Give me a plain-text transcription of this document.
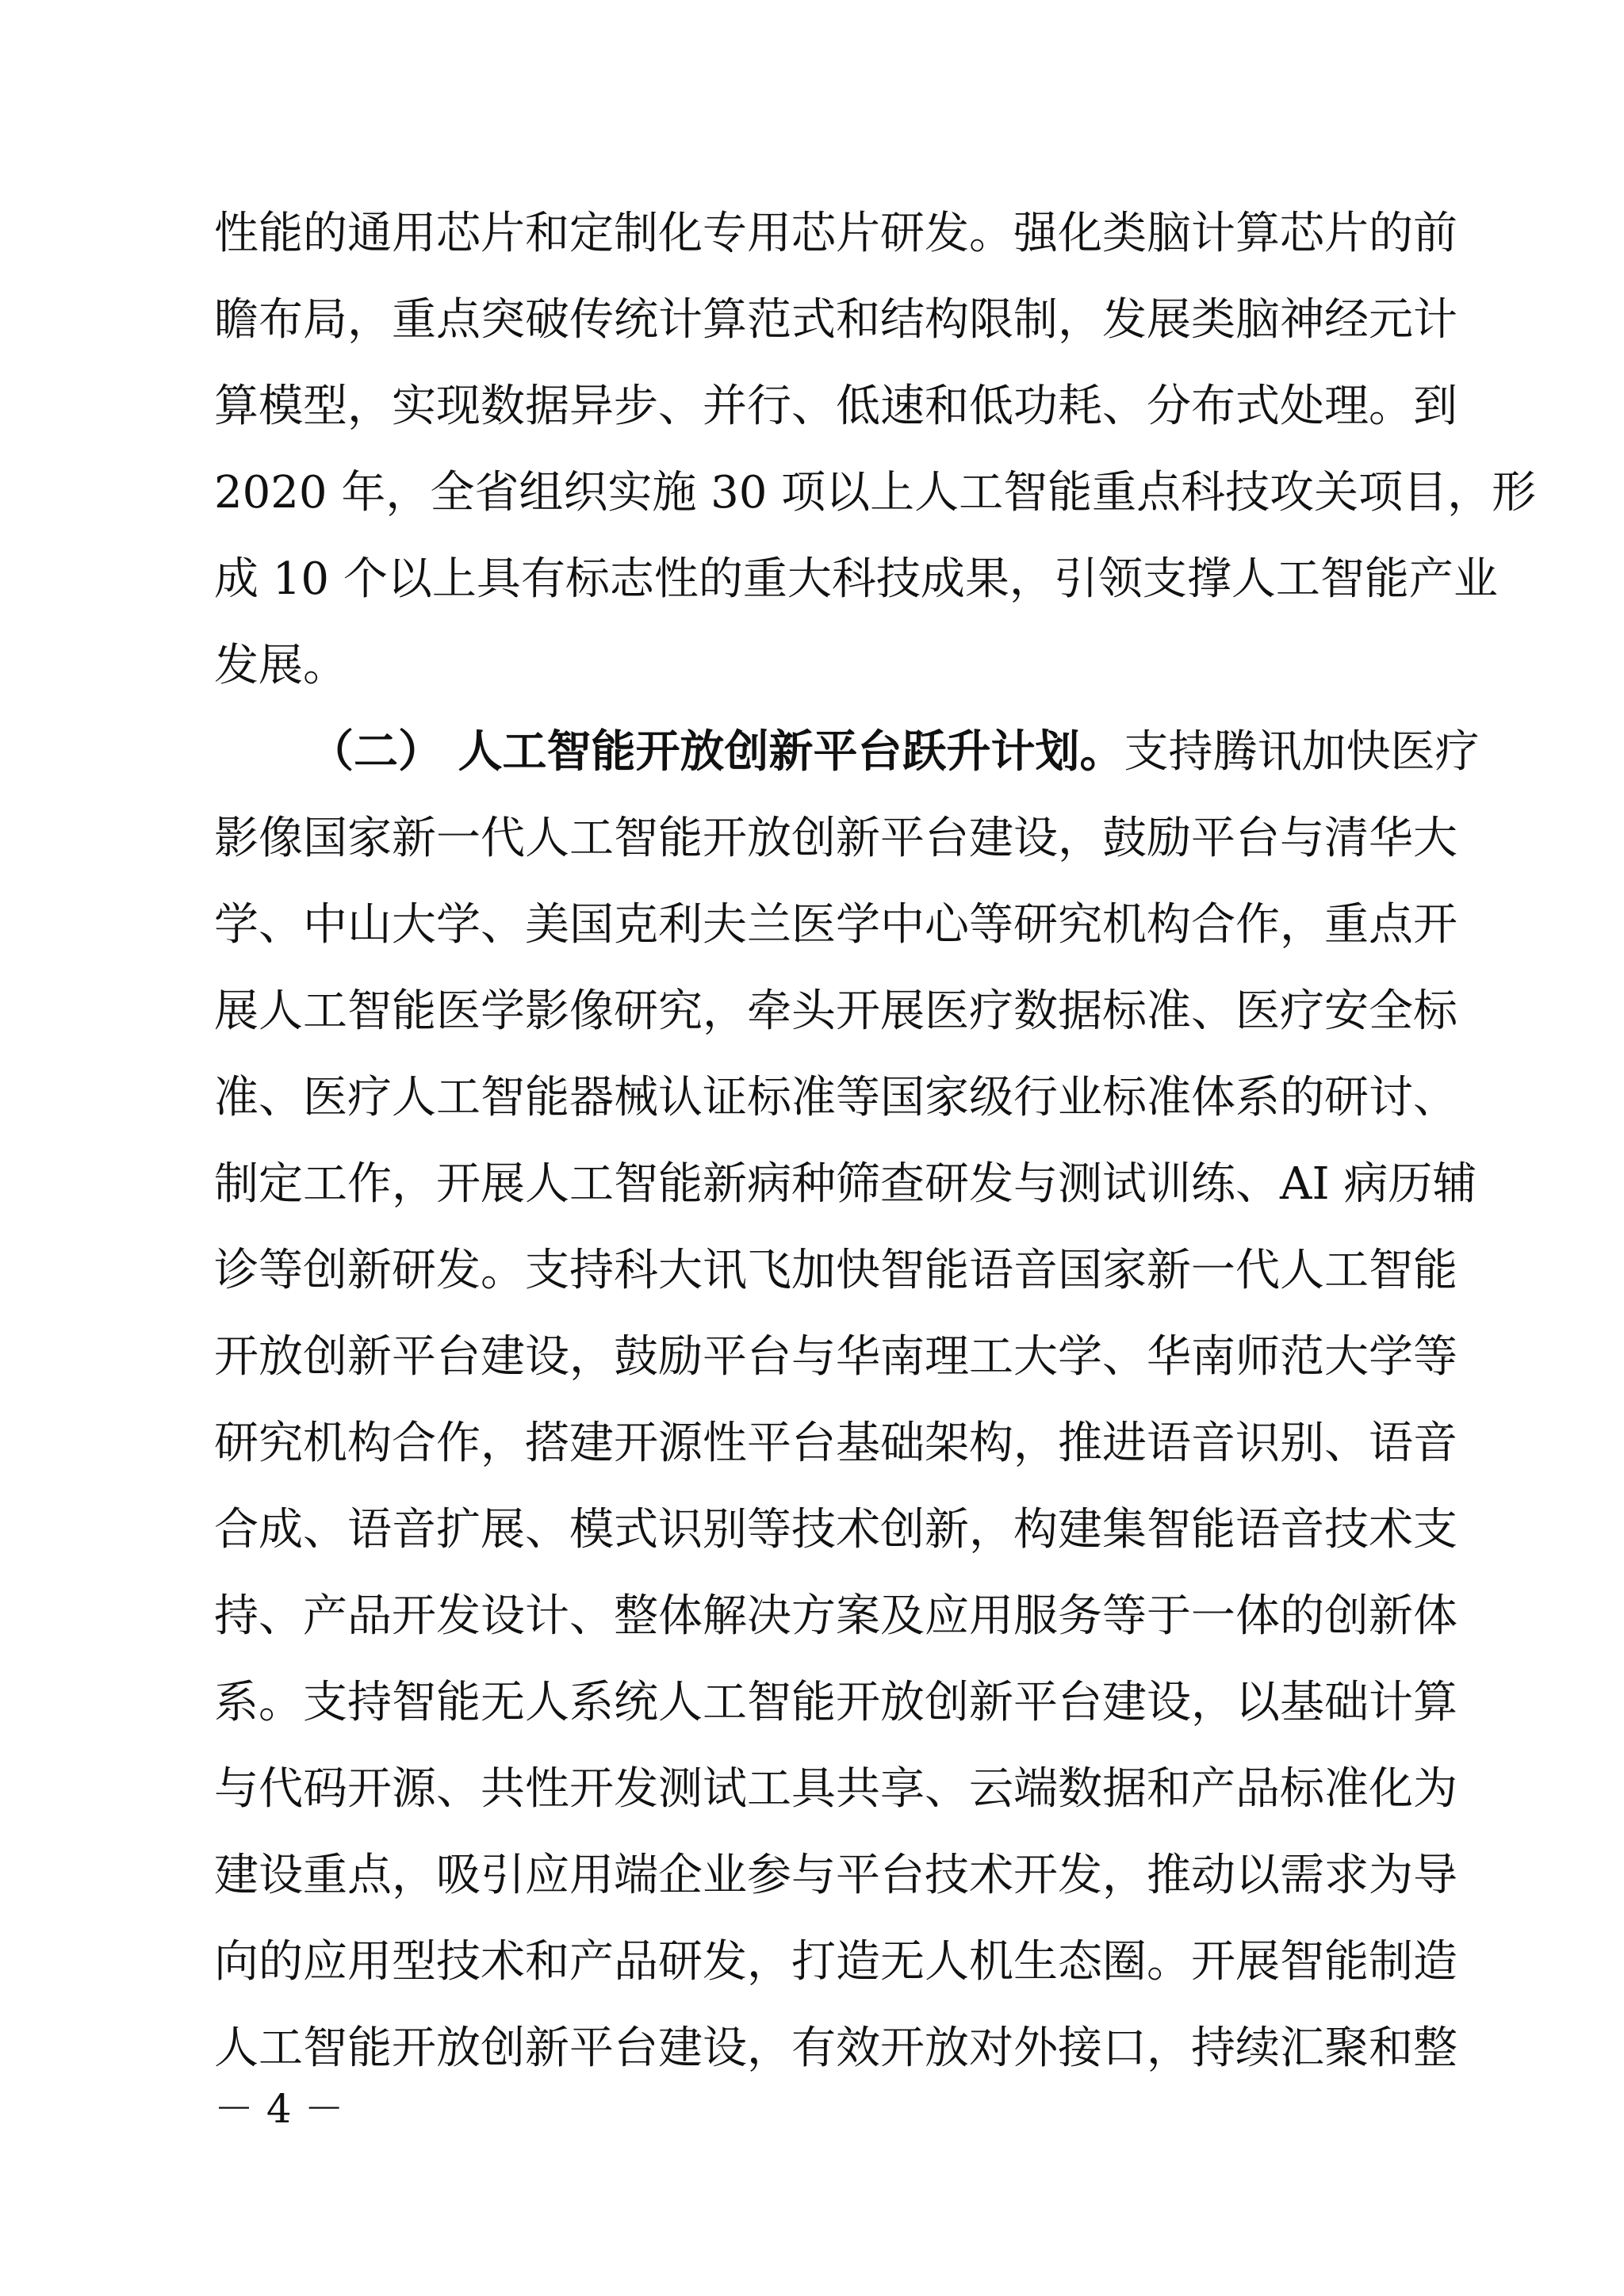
性能的通用芯片和定制化专用芯片研发。强化类脑计算芯片的前
瞻布局，重点突破传统计算范式和结构限制，发展类脑神经元计
算模型，实现数据异步、并行、低速和低功耗、分布式处理。到
2020 年，全省组织实施 30 项以上人工智能重点科技攻关项目，形
成 10 个以上具有标志性的重大科技成果，引领支撑人工智能产业
发展。
（二） 人工智能开放创新平台跃升计划。支持腾讯加快医疗
影像国家新一代人工智能开放创新平台建设，鼓励平台与清华大
学、中山大学、美国克利夫兰医学中心等研究机构合作，重点开
展人工智能医学影像研究，牵头开展医疗数据标准、医疗安全标
准、医疗人工智能器械认证标准等国家级行业标准体系的研讨、
制定工作，开展人工智能新病种筛查研发与测试训练、AI 病历辅
诊等创新研发。支持科大讯飞加快智能语音国家新一代人工智能
开放创新平台建设，鼓励平台与华南理工大学、华南师范大学等
研究机构合作，搭建开源性平台基础架构，推进语音识别、语音
合成、语音扩展、模式识别等技术创新，构建集智能语音技术支
持、产品开发设计、整体解决方案及应用服务等于一体的创新体
系。支持智能无人系统人工智能开放创新平台建设，以基础计算
与代码开源、共性开发测试工具共享、云端数据和产品标准化为
建设重点，吸引应用端企业参与平台技术开发，推动以需求为导
向的应用型技术和产品研发，打造无人机生态圈。开展智能制造
人工智能开放创新平台建设，有效开放对外接口，持续汇聚和整
－ 4 －
